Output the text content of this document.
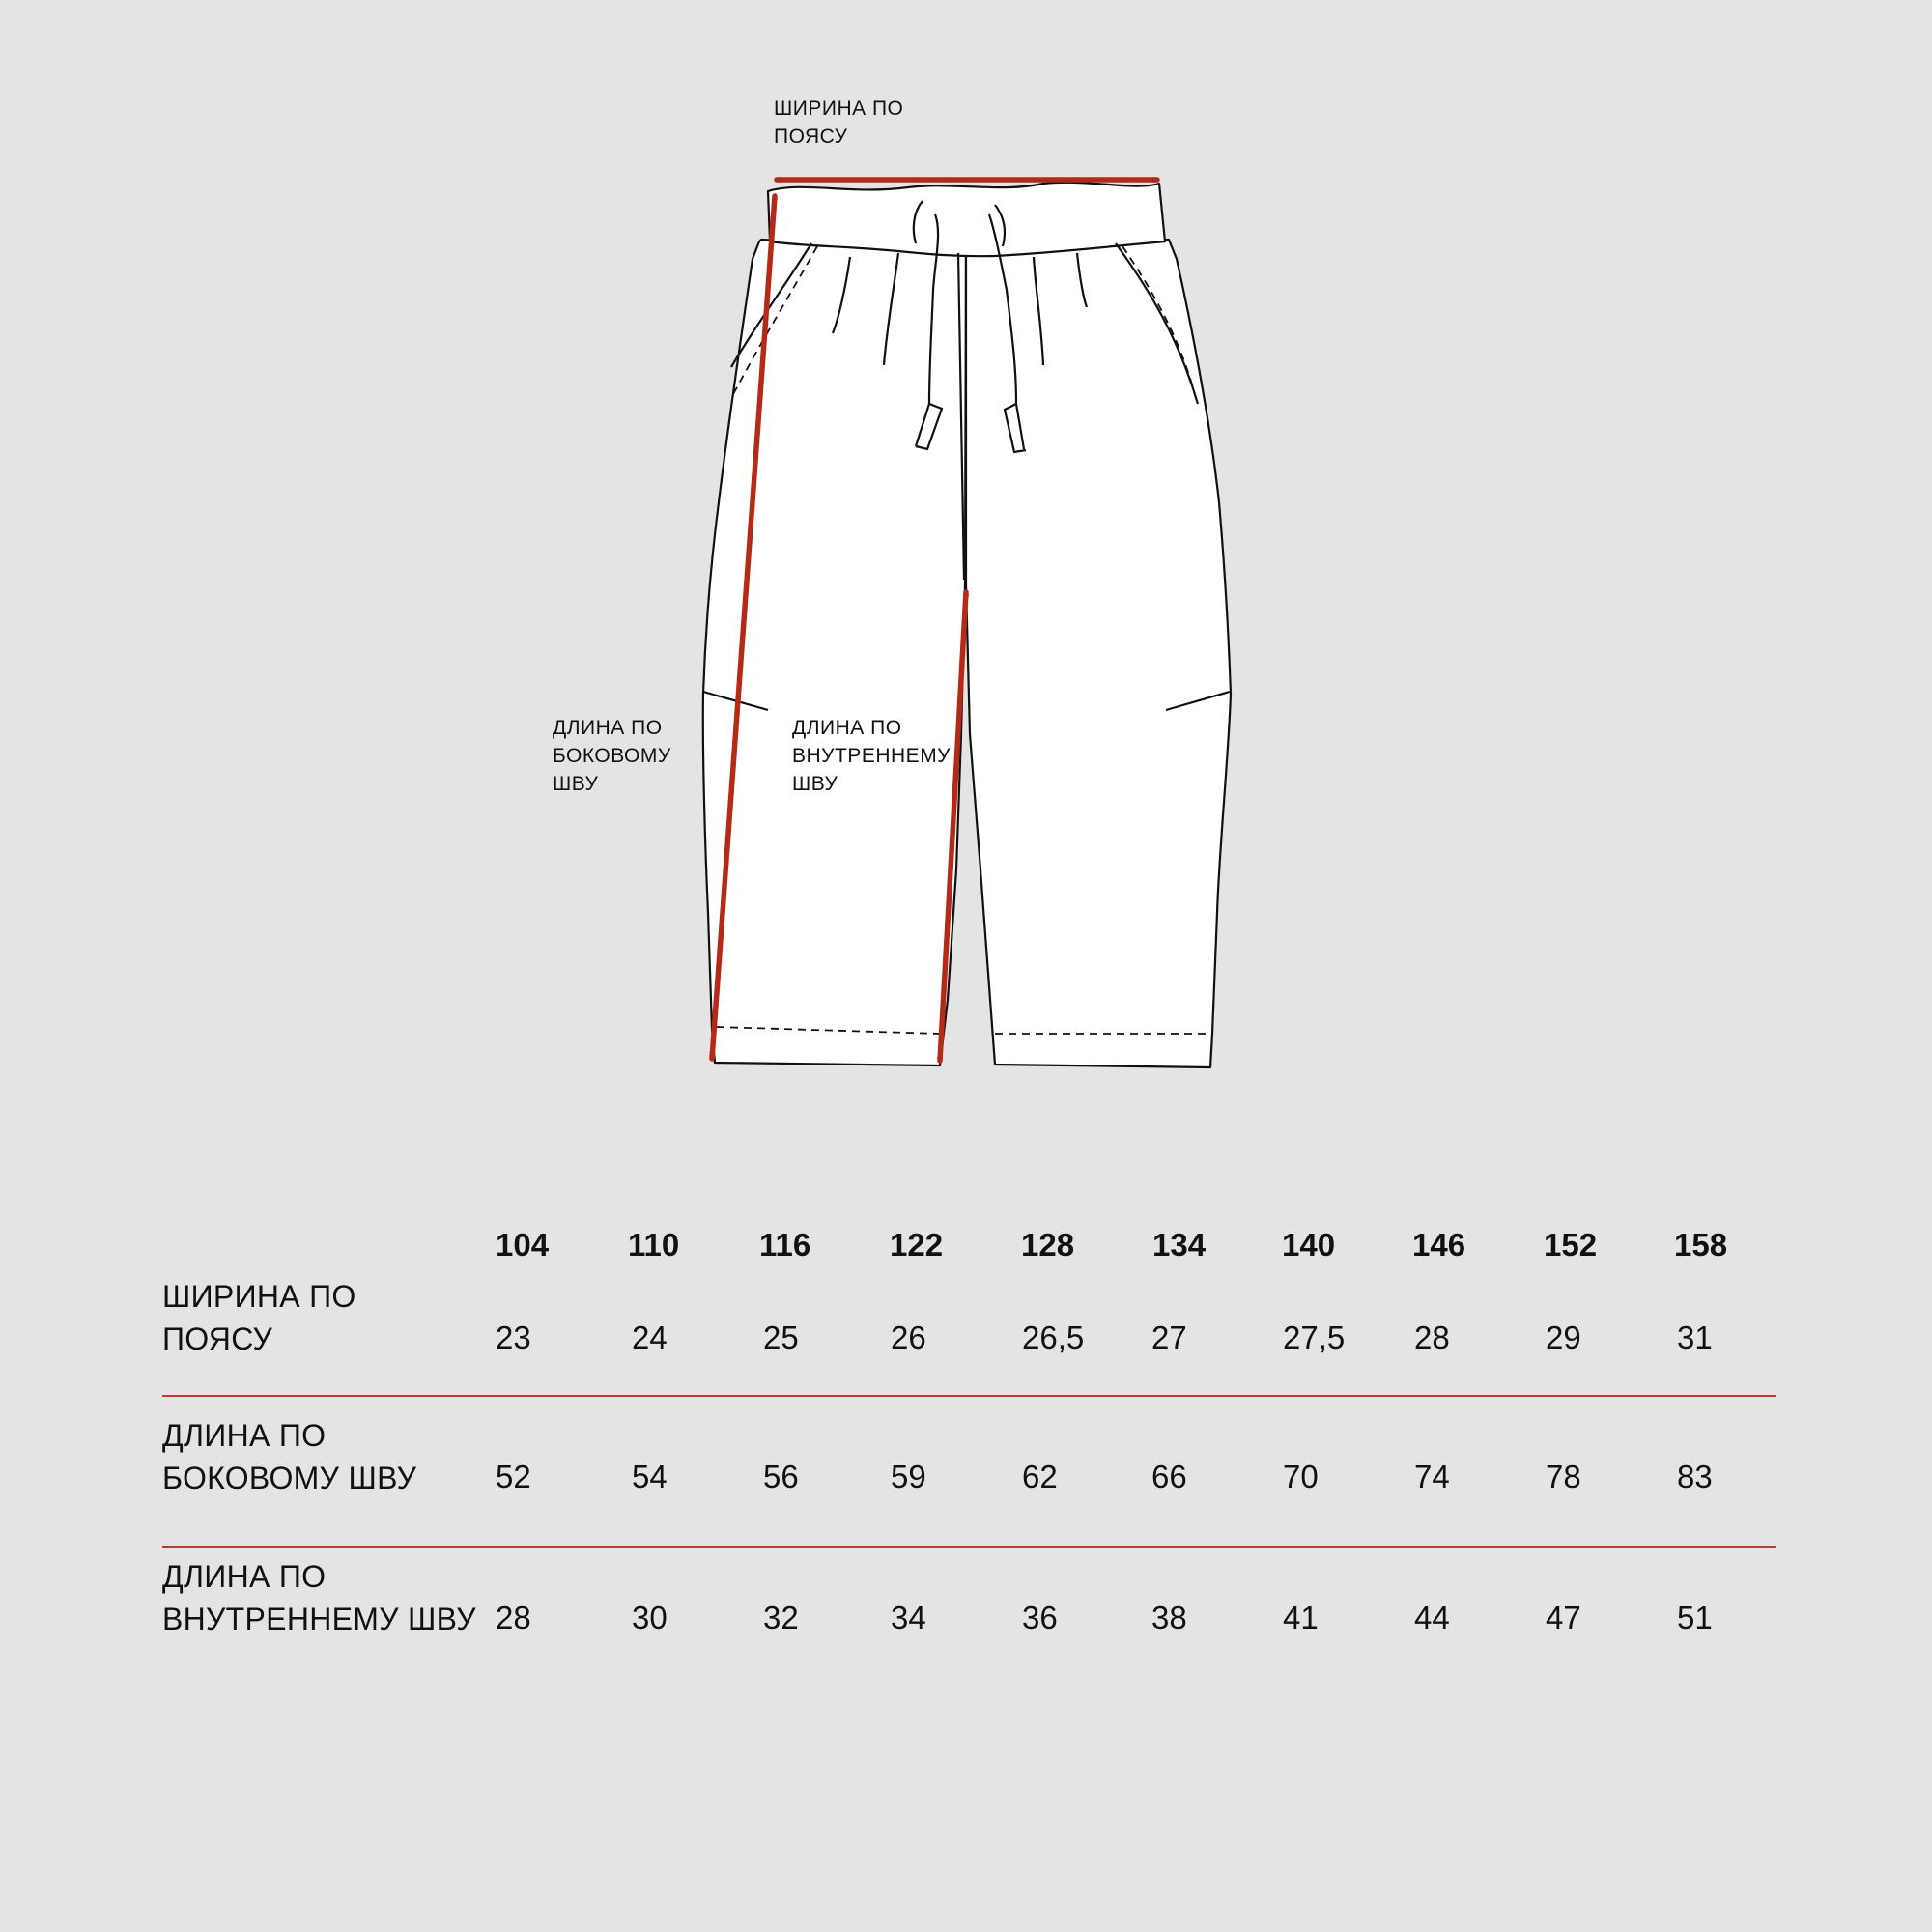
ШИРИНА ПО
ПОЯСУ
ДЛИНА ПО
БОКОВОМУ
ШВУ
ДЛИНА ПО
ВНУТРЕННЕМУ
ШВУ
104 110	116 122 128 134 140 146 152 158
ШИРИНА ПО
ПОЯСУ	23	24	25	26	26,5 27	27,5 28	29	31
ДЛИНА ПО
БОКОВОМУ ШВУ 52	54	56	59	62	66	70	74	78	83
ДЛИНА ПО
ВНУТРЕННЕМУ ШВУ 28	30	32	34	36	38	41	44	47	51
